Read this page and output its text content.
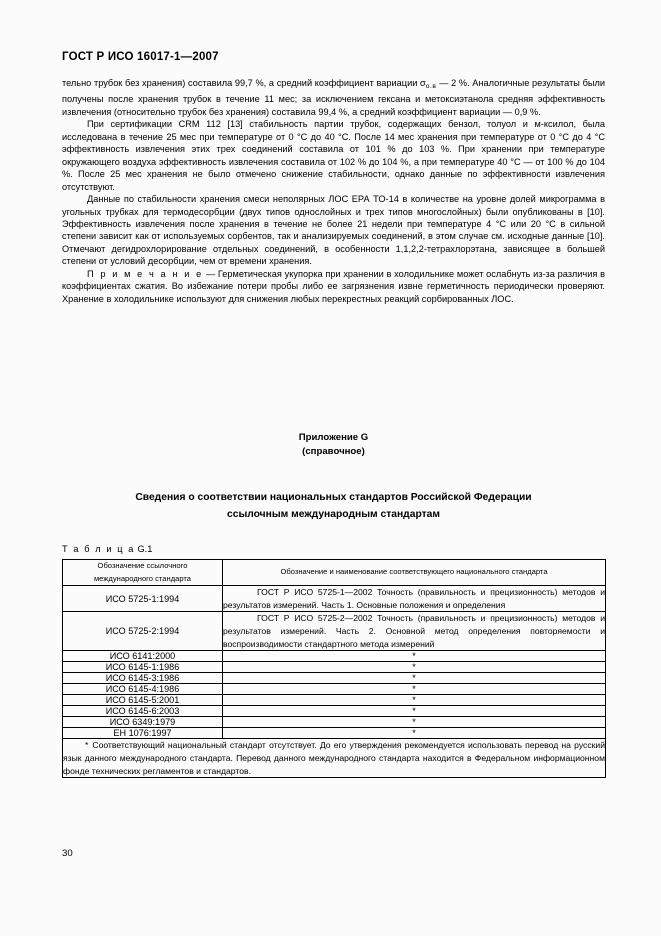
ГОСТ Р ИСО 16017-1—2007

тельно трубок без хранения) составила 99,7 %, а средний коэффициент вариации $\sigma_{о.в}$ — 2 %. Аналогичные результаты были получены после хранения трубок в течение 11 мес; за исключением гексана и метоксиэтанола средняя эффективность извлечения (относительно трубок без хранения) составила 99,4 %, а средний коэффициент вариации — 0,9 %.

При сертификации CRM 112 [13] стабильность партии трубок, содержащих бензол, толуол и м-ксилол, была исследована в течение 25 мес при температуре от 0 °С до 40 °С. После 14 мес хранения при температуре от 0 °С до 4 °С эффективность извлечения этих трех соединений составила от 101 % до 103 %. При хранении при температуре окружающего воздуха эффективность извлечения составила от 102 % до 104 %, а при температуре 40 °С — от 100 % до 104 %. После 25 мес хранения не было отмечено снижение стабильности, однако данные по эффективности извлечения отсутствуют.

Данные по стабильности хранения смеси неполярных ЛОС ЕРА ТО-14 в количестве на уровне долей микрограмма в угольных трубках для термодесорбции (двух типов однослойных и трех типов многослойных) были опубликованы в [10]. Эффективность извлечения после хранения в течение не более 21 недели при температуре 4 °С или 20 °С в сильной степени зависит как от используемых сорбентов, так и анализируемых соединений, в этом случае см. исходные данные [10]. Отмечают дегидрохлорирование отдельных соединений, в особенности 1,1,2,2-тетрахлорэтана, зависящее в большей степени от условий десорбции, чем от времени хранения.

П р и м е ч а н и е — Герметическая укупорка при хранении в холодильнике может ослабнуть из-за различия в коэффициентах сжатия. Во избежание потери пробы либо ее загрязнения извне герметичность периодически проверяют. Хранение в холодильнике используют для снижения любых перекрестных реакций сорбированных ЛОС.

Приложение G
(справочное)
Сведения о соответствии национальных стандартов Российской Федерации
ссылочным международным стандартам
Т а б л и ц а G.1
Обозначение ссылочного
международного стандарта	Обозначение и наименование соответствующего национального стандарта
ИСО 5725-1:1994	ГОСТ Р ИСО 5725-1—2002 Точность (правильность и прецизионность) методов и результатов измерений. Часть 1. Основные положения и определения

ИСО 5725-2:1994	ГОСТ Р ИСО 5725-2—2002 Точность (правильность и прецизионность) методов и результатов измерений. Часть 2. Основной метод определения повторяемости и воспроизводимости стандартного метода измерений

ИСО 6141:2000	*
ИСО 6145-1:1986	*
ИСО 6145-3:1986	*
ИСО 6145-4:1986	*
ИСО 6145-5:2001	*
ИСО 6145-6:2003	*
ИСО 6349:1979	*
ЕН 1076:1997	*
* Соответствующий национальный стандарт отсутствует. До его утверждения рекомендуется использовать перевод на русский язык данного международного стандарта. Перевод данного международного стандарта находится в Федеральном информационном фонде технических регламентов и стандартов.	
30
